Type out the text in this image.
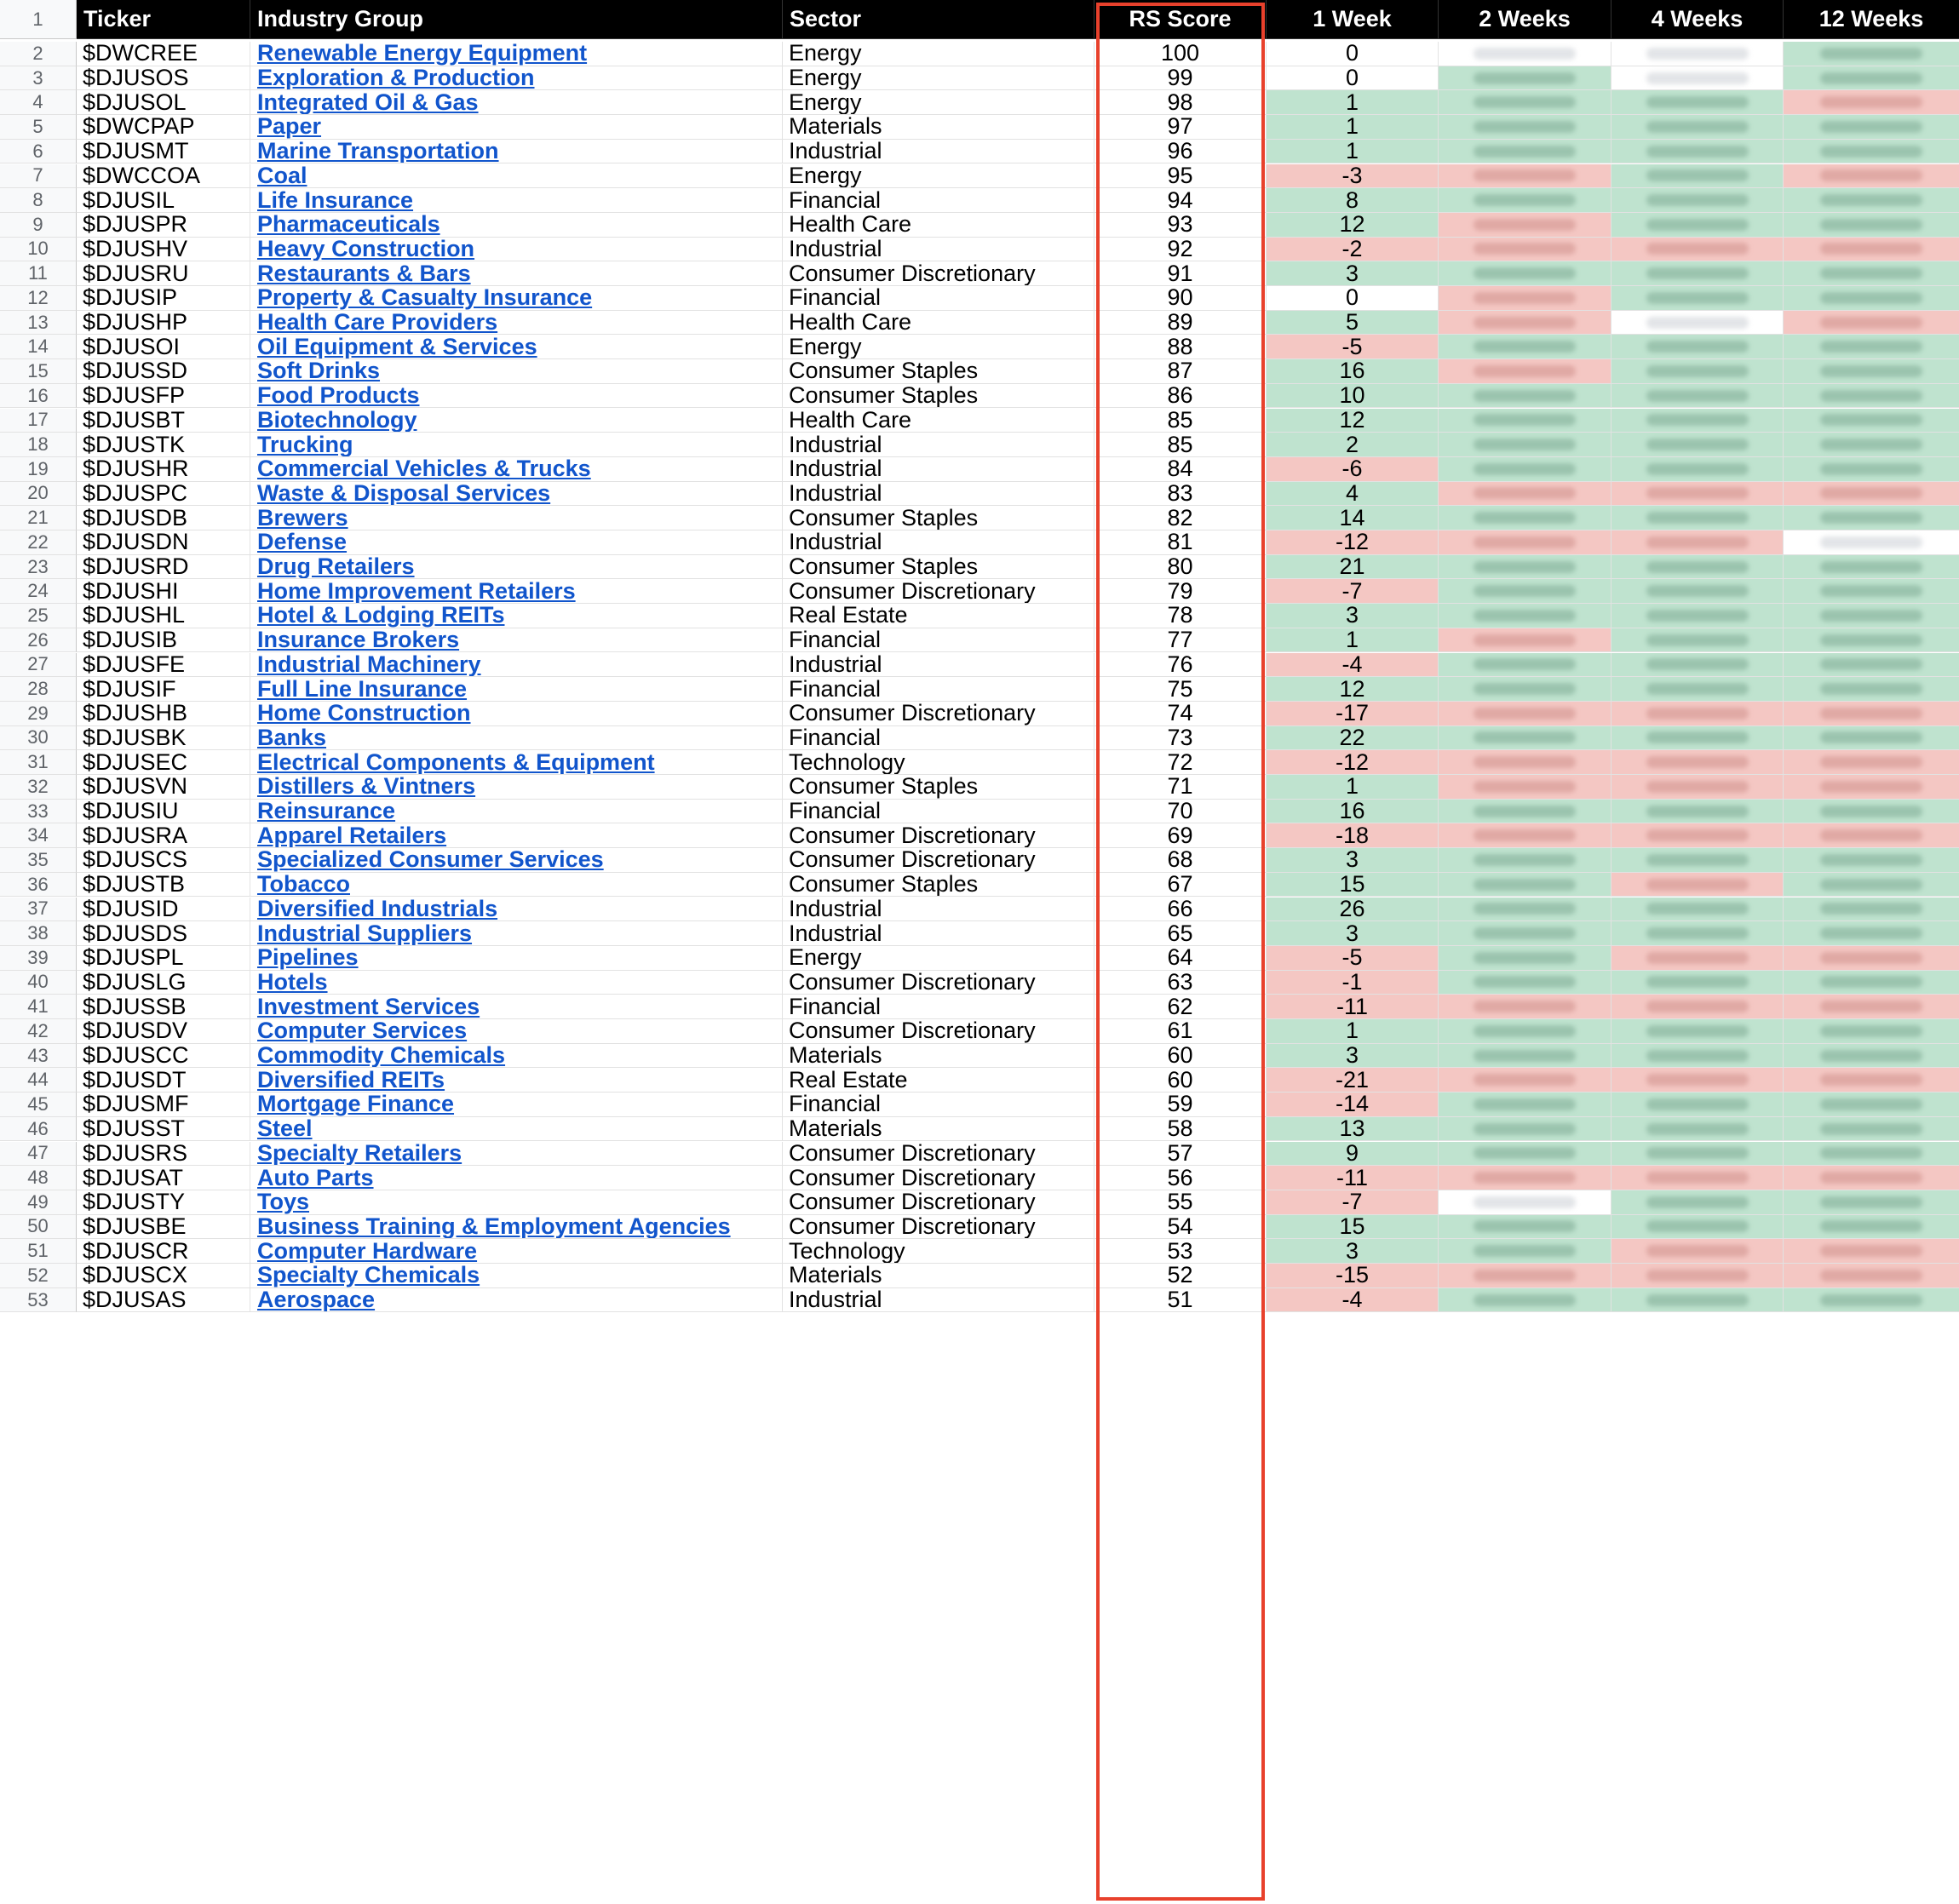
1	Ticker	Industry Group	Sector	RS Score	1 Week	2 Weeks	4 Weeks	12 Weeks
2	$DWCREE	Renewable Energy Equipment	Energy	100	0
3	$DJUSOS	Exploration & Production	Energy	99	0
4	$DJUSOL	Integrated Oil & Gas	Energy	98	1
5	$DWCPAP	Paper	Materials	97	1
6	$DJUSMT	Marine Transportation	Industrial	96	1
7	$DWCCOA	Coal	Energy	95	-3
8	$DJUSIL	Life Insurance	Financial	94	8
9	$DJUSPR	Pharmaceuticals	Health Care	93	12
10	$DJUSHV	Heavy Construction	Industrial	92	-2
11	$DJUSRU	Restaurants & Bars	Consumer Discretionary	91	3
12	$DJUSIP	Property & Casualty Insurance	Financial	90	0
13	$DJUSHP	Health Care Providers	Health Care	89	5
14	$DJUSOI	Oil Equipment & Services	Energy	88	-5
15	$DJUSSD	Soft Drinks	Consumer Staples	87	16
16	$DJUSFP	Food Products	Consumer Staples	86	10
17	$DJUSBT	Biotechnology	Health Care	85	12
18	$DJUSTK	Trucking	Industrial	85	2
19	$DJUSHR	Commercial Vehicles & Trucks	Industrial	84	-6
20	$DJUSPC	Waste & Disposal Services	Industrial	83	4
21	$DJUSDB	Brewers	Consumer Staples	82	14
22	$DJUSDN	Defense	Industrial	81	-12
23	$DJUSRD	Drug Retailers	Consumer Staples	80	21
24	$DJUSHI	Home Improvement Retailers	Consumer Discretionary	79	-7
25	$DJUSHL	Hotel & Lodging REITs	Real Estate	78	3
26	$DJUSIB	Insurance Brokers	Financial	77	1
27	$DJUSFE	Industrial Machinery	Industrial	76	-4
28	$DJUSIF	Full Line Insurance	Financial	75	12
29	$DJUSHB	Home Construction	Consumer Discretionary	74	-17
30	$DJUSBK	Banks	Financial	73	22
31	$DJUSEC	Electrical Components & Equipment	Technology	72	-12
32	$DJUSVN	Distillers & Vintners	Consumer Staples	71	1
33	$DJUSIU	Reinsurance	Financial	70	16
34	$DJUSRA	Apparel Retailers	Consumer Discretionary	69	-18
35	$DJUSCS	Specialized Consumer Services	Consumer Discretionary	68	3
36	$DJUSTB	Tobacco	Consumer Staples	67	15
37	$DJUSID	Diversified Industrials	Industrial	66	26
38	$DJUSDS	Industrial Suppliers	Industrial	65	3
39	$DJUSPL	Pipelines	Energy	64	-5
40	$DJUSLG	Hotels	Consumer Discretionary	63	-1
41	$DJUSSB	Investment Services	Financial	62	-11
42	$DJUSDV	Computer Services	Consumer Discretionary	61	1
43	$DJUSCC	Commodity Chemicals	Materials	60	3
44	$DJUSDT	Diversified REITs	Real Estate	60	-21
45	$DJUSMF	Mortgage Finance	Financial	59	-14
46	$DJUSST	Steel	Materials	58	13
47	$DJUSRS	Specialty Retailers	Consumer Discretionary	57	9
48	$DJUSAT	Auto Parts	Consumer Discretionary	56	-11
49	$DJUSTY	Toys	Consumer Discretionary	55	-7
50	$DJUSBE	Business Training & Employment Agencies	Consumer Discretionary	54	15
51	$DJUSCR	Computer Hardware	Technology	53	3
52	$DJUSCX	Specialty Chemicals	Materials	52	-15
53	$DJUSAS	Aerospace	Industrial	51	-4
